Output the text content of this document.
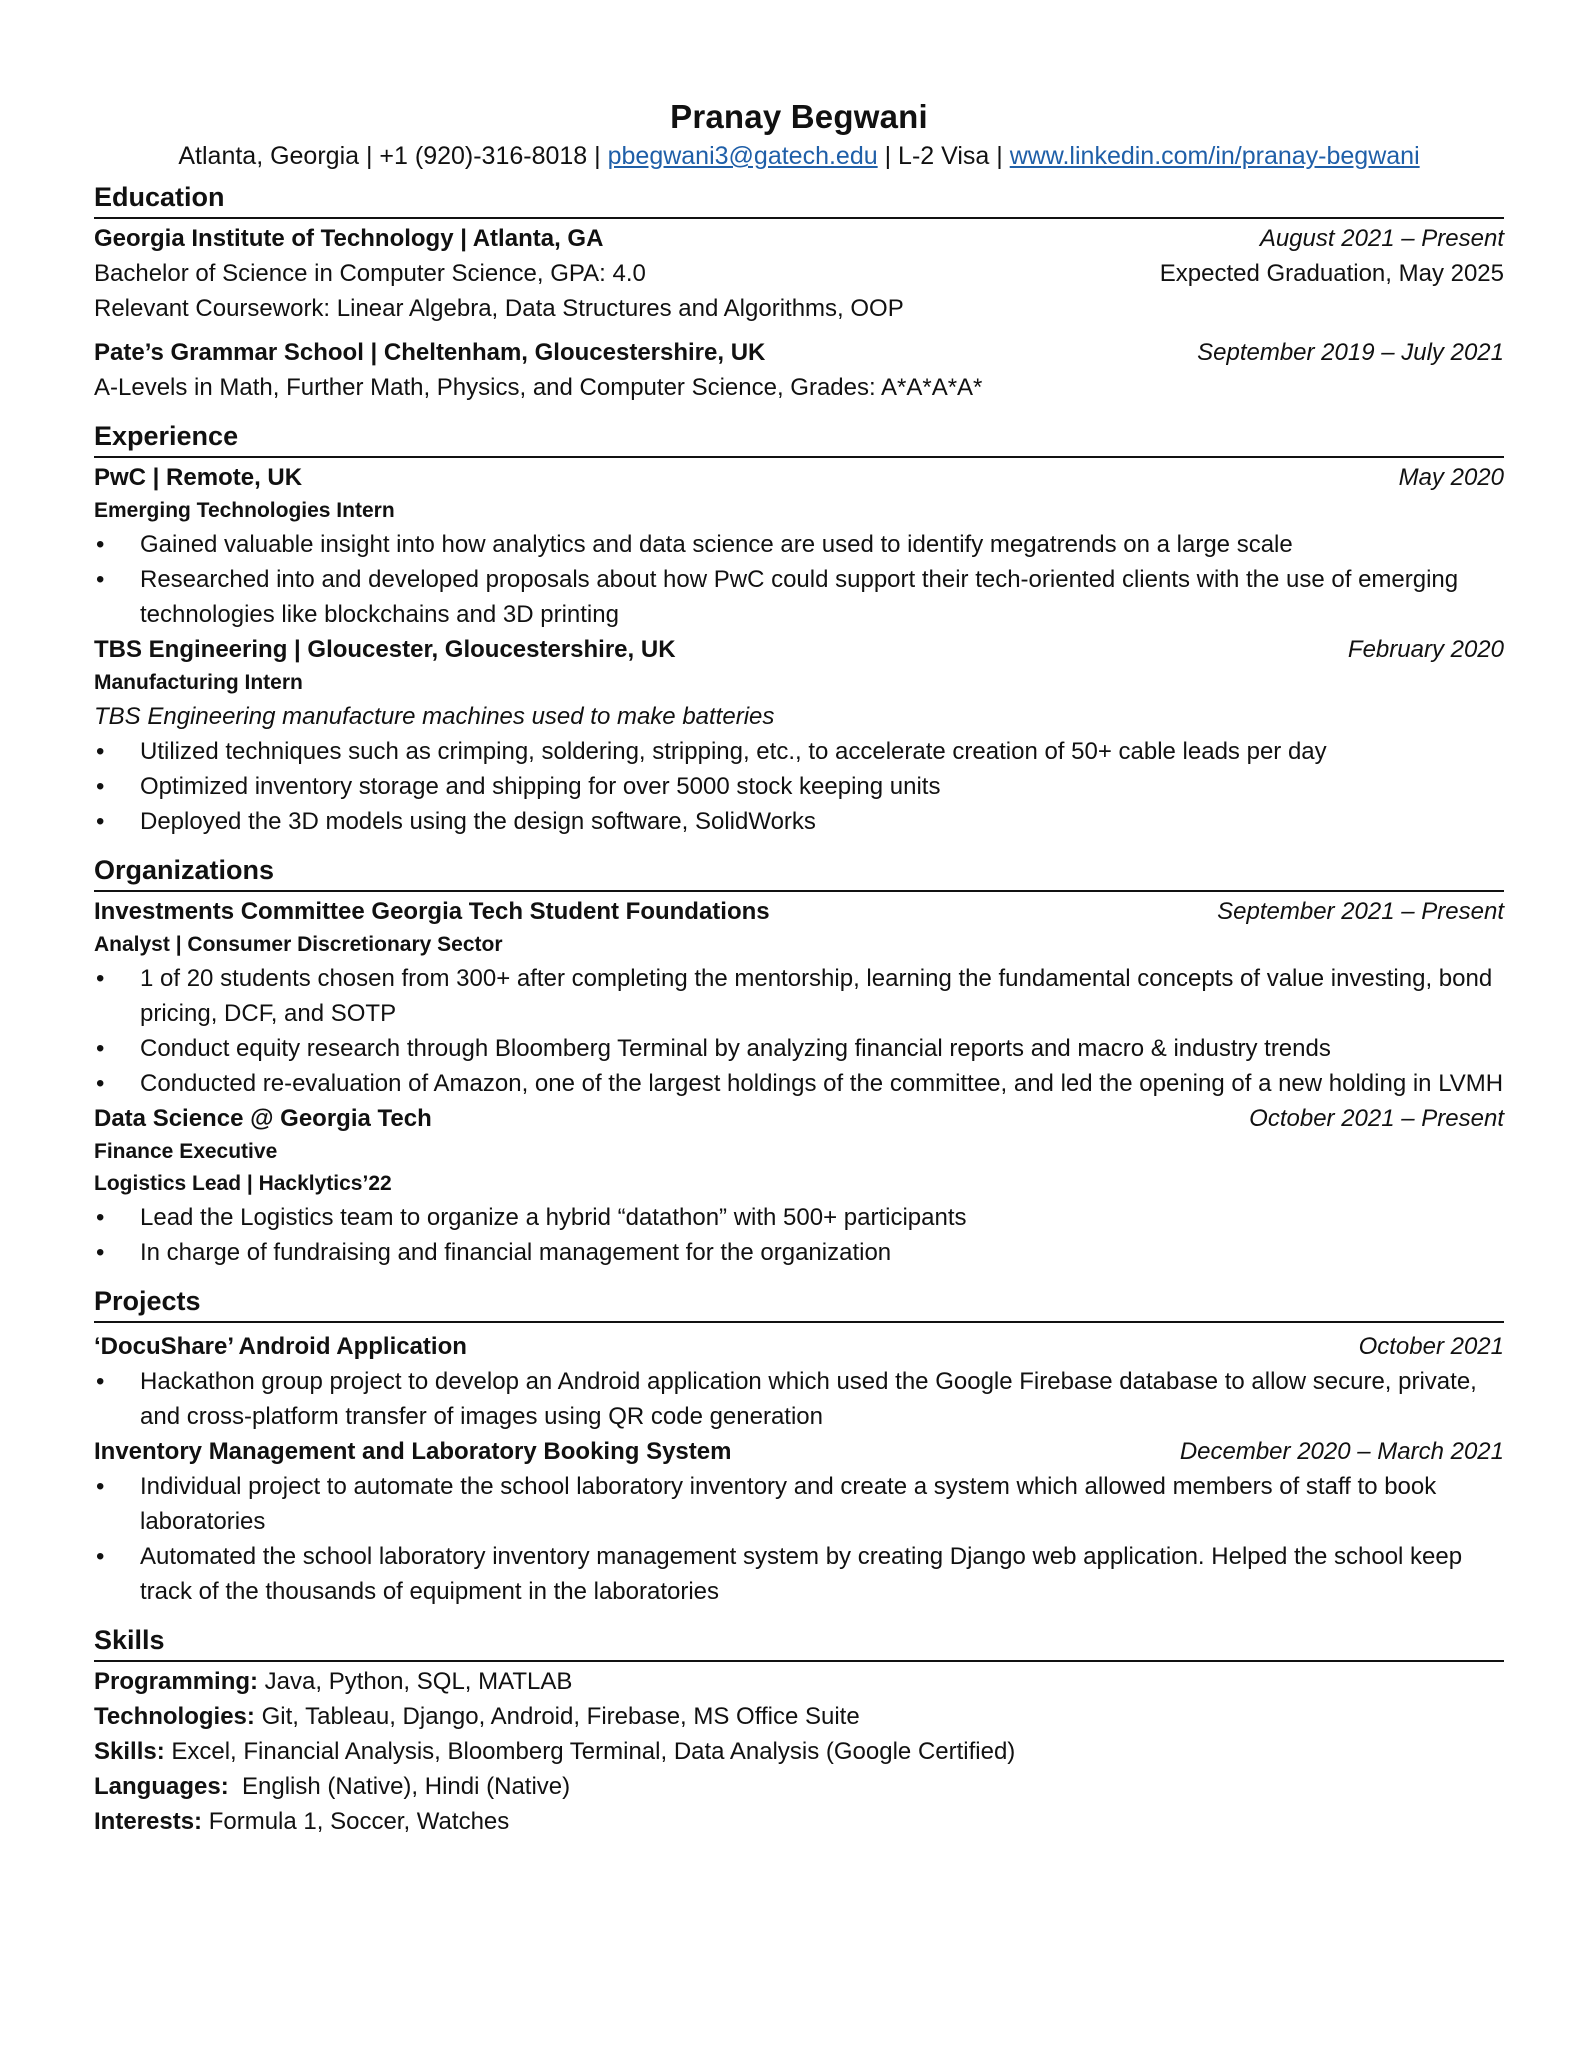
Pranay Begwani

Atlanta, Georgia | +1 (920)-316-8018 | pbegwani3@gatech.edu | L-2 Visa | www.linkedin.com/in/pranay-begwani

Education
Georgia Institute of Technology | Atlanta, GA	August 2021 – Present
Bachelor of Science in Computer Science, GPA: 4.0	Expected Graduation, May 2025
Relevant Coursework: Linear Algebra, Data Structures and Algorithms, OOP
Pate’s Grammar School | Cheltenham, Gloucestershire, UK	September 2019 – July 2021
A-Levels in Math, Further Math, Physics, and Computer Science, Grades: A*A*A*A*
Experience
PwC | Remote, UK	May 2020
Emerging Technologies Intern
• Gained valuable insight into how analytics and data science are used to identify megatrends on a large scale
• Researched into and developed proposals about how PwC could support their tech-oriented clients with the use of emerging technologies like blockchains and 3D printing
TBS Engineering | Gloucester, Gloucestershire, UK	February 2020
Manufacturing Intern
TBS Engineering manufacture machines used to make batteries
• Utilized techniques such as crimping, soldering, stripping, etc., to accelerate creation of 50+ cable leads per day
• Optimized inventory storage and shipping for over 5000 stock keeping units
• Deployed the 3D models using the design software, SolidWorks
Organizations
Investments Committee Georgia Tech Student Foundations	September 2021 – Present
Analyst | Consumer Discretionary Sector
• 1 of 20 students chosen from 300+ after completing the mentorship, learning the fundamental concepts of value investing, bond pricing, DCF, and SOTP
• Conduct equity research through Bloomberg Terminal by analyzing financial reports and macro & industry trends
• Conducted re-evaluation of Amazon, one of the largest holdings of the committee, and led the opening of a new holding in LVMH
Data Science @ Georgia Tech	October 2021 – Present
Finance Executive
Logistics Lead | Hacklytics’22
• Lead the Logistics team to organize a hybrid “datathon” with 500+ participants
• In charge of fundraising and financial management for the organization
Projects
‘DocuShare’ Android Application	October 2021
• Hackathon group project to develop an Android application which used the Google Firebase database to allow secure, private, and cross-platform transfer of images using QR code generation
Inventory Management and Laboratory Booking System	December 2020 – March 2021
• Individual project to automate the school laboratory inventory and create a system which allowed members of staff to book laboratories
• Automated the school laboratory inventory management system by creating Django web application. Helped the school keep track of the thousands of equipment in the laboratories
Skills
Programming: Java, Python, SQL, MATLAB
Technologies: Git, Tableau, Django, Android, Firebase, MS Office Suite
Skills: Excel, Financial Analysis, Bloomberg Terminal, Data Analysis (Google Certified)
Languages:  English (Native), Hindi (Native)
Interests: Formula 1, Soccer, Watches
